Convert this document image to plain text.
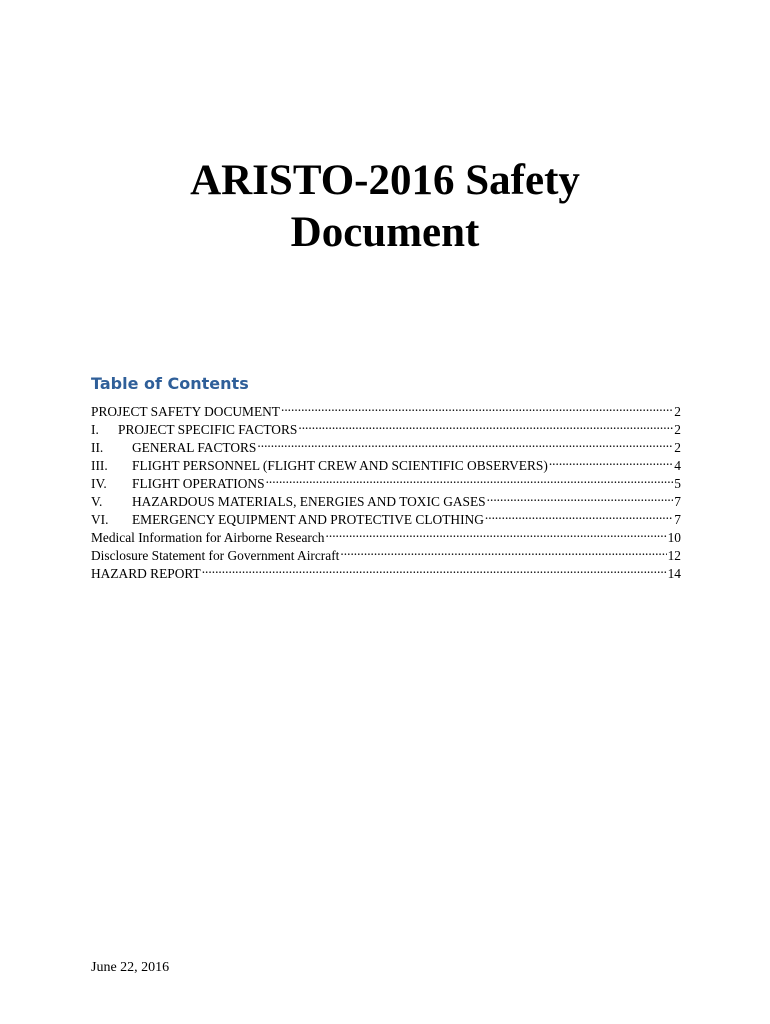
ARISTO-2016 Safety
Document
Table of Contents
PROJECT SAFETY DOCUMENT .....	2
I.	PROJECT SPECIFIC FACTORS .....	2
II.	GENERAL FACTORS .....	2
III.	FLIGHT PERSONNEL (FLIGHT CREW AND SCIENTIFIC OBSERVERS) .....	4
IV.	FLIGHT OPERATIONS .....	5
V.	HAZARDOUS MATERIALS, ENERGIES AND TOXIC GASES .....	7
VI.	EMERGENCY EQUIPMENT AND PROTECTIVE CLOTHING .....	7
Medical Information for Airborne Research .....	10
Disclosure Statement for Government Aircraft .....	12
HAZARD REPORT .....	14

June 22, 2016
